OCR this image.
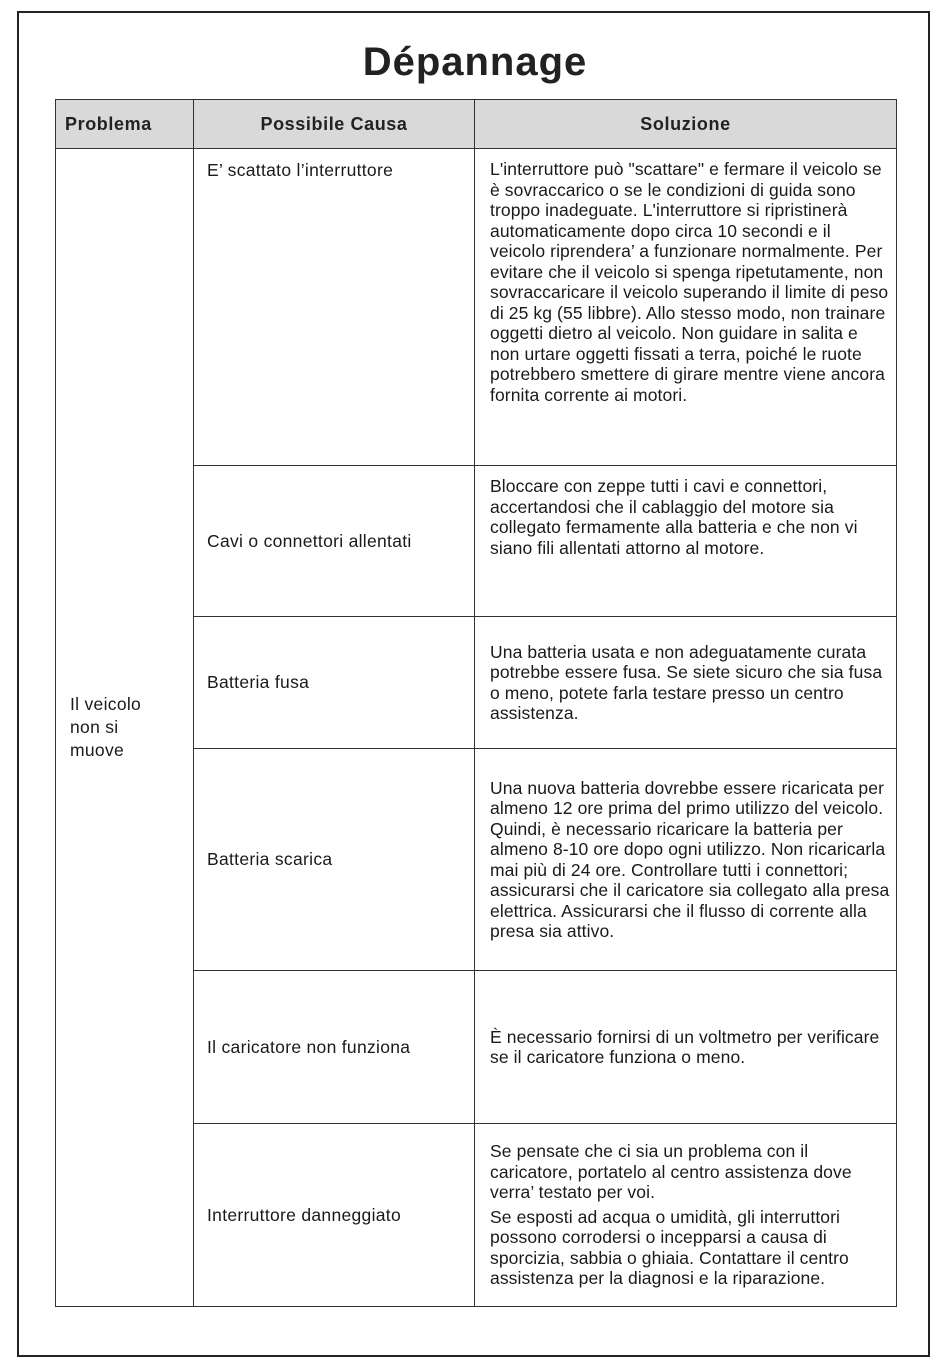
Dépannage
Problema	Possibile Causa	Soluzione

Il veicolo non si muove	E’ scattato l’interruttore	L'interruttore può "scattare" e fermare il veicolo se è sovraccarico o se le condizioni di guida sono troppo inadeguate. L'interruttore si ripristinerà automaticamente dopo circa 10 secondi e il veicolo riprendera’ a funzionare normalmente. Per evitare che il veicolo si spenga ripetutamente, non sovraccaricare il veicolo superando il limite di peso di 25 kg (55 libbre). Allo stesso modo, non trainare oggetti dietro al veicolo. Non guidare in salita e non urtare oggetti fissati a terra, poiché le ruote potrebbero smettere di girare mentre viene ancora fornita corrente ai motori.

	Cavi o connettori allentati	Bloccare con zeppe tutti i cavi e connettori, accertandosi che il cablaggio del motore sia collegato fermamente alla batteria e che non vi siano fili allentati attorno al motore.
	Batteria fusa	Una batteria usata e non adeguatamente curata potrebbe essere fusa. Se siete sicuro che sia fusa o meno, potete farla testare presso un centro assistenza.
	Batteria scarica	Una nuova batteria dovrebbe essere ricaricata per almeno 12 ore prima del primo utilizzo del veicolo. Quindi, è necessario ricaricare la batteria per almeno 8-10 ore dopo ogni utilizzo. Non ricaricarla mai più di 24 ore. Controllare tutti i connettori; assicurarsi che il caricatore sia collegato alla presa elettrica. Assicurarsi che il flusso di corrente alla presa sia attivo.
	Il caricatore non funziona	È necessario fornirsi di un voltmetro per verificare se il caricatore funziona o meno.
	Interruttore danneggiato	Se pensate che ci sia un problema con il caricatore, portatelo al centro assistenza dove verra’ testato per voi.
Se esposti ad acqua o umidità, gli interruttori possono corrodersi o incepparsi a causa di sporcizia, sabbia o ghiaia. Contattare il centro assistenza per la diagnosi e la riparazione.
